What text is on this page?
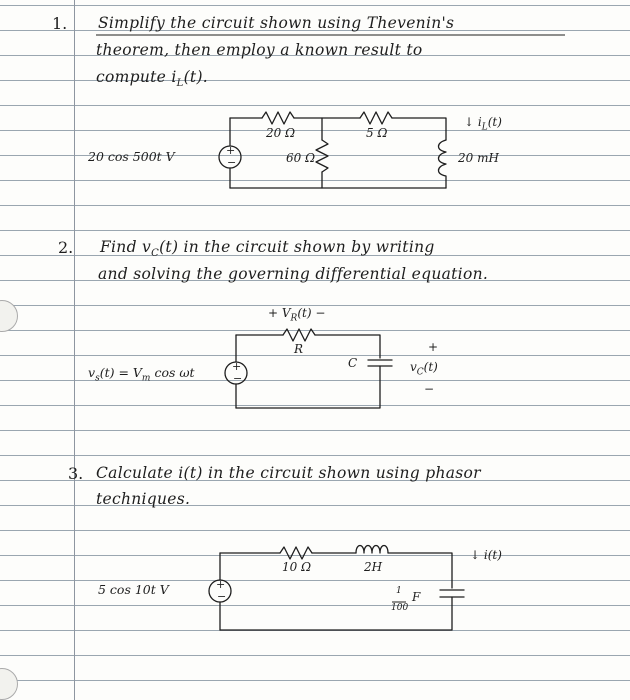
1. Simplify the circuit shown using Thevenin's
theorem, then employ a known result to
compute $i_L(t)$.
2. Find $v_C(t)$ in the circuit shown by writing
and solving the governing differential equation.
3. Calculate i(t) in the circuit shown using phasor
techniques.
+
−
+
−
+
−
20 cos 500t V
20 Ω	5 Ω
60 Ω	20 mH
↓ $i_L(t)$
+ $V_R(t)$ −
R
C
$v_s(t) = V_m$ cos ωt
+
$v_C(t)$
−
5 cos 10t V
10 Ω	2H
1
100
F
↓ i(t)
